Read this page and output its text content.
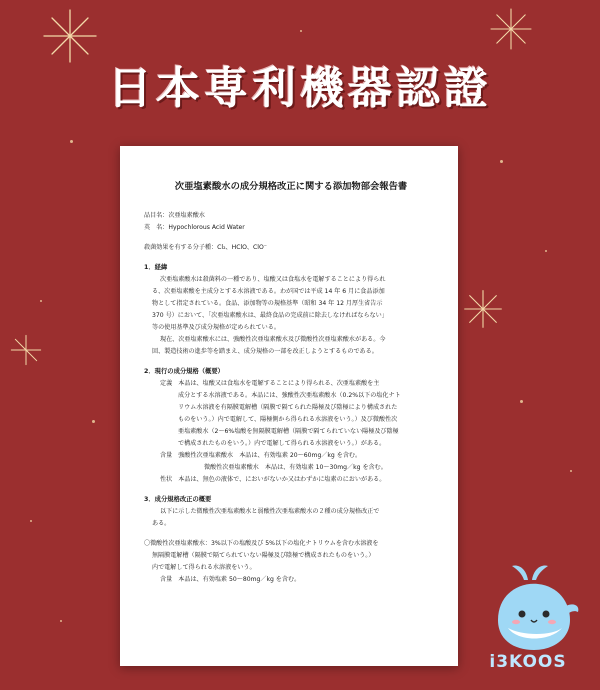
日本専利機器認證
次亜塩素酸水の成分規格改正に関する添加物部会報告書
品目名：次亜塩素酸水
英　名：Hypochlorous Acid Water
殺菌効果を有する分子種：Cl₂、HClO、ClO⁻
1．経緯
次亜塩素酸水は殺菌料の一種であり、塩酸又は食塩水を電解することにより得られ
る、次亜塩素酸を主成分とする水溶液である。わが国では平成 14 年 6 月に食品添加
物として指定されている。食品、添加物等の規格基準（昭和 34 年 12 月厚生省告示
370 号）において、「次亜塩素酸水は、最終食品の完成前に除去しなければならない」
等の使用基準及び成分規格が定められている。
現在、次亜塩素酸水には、強酸性次亜塩素酸水及び微酸性次亜塩素酸水がある。今
回、製造技術の進歩等を踏まえ、成分規格の一部を改正しようとするものである。
2．現行の成分規格（概要）
定義　本品は、塩酸又は食塩水を電解することにより得られる、次亜塩素酸を主
成分とする水溶液である。本品には、強酸性次亜塩素酸水（0.2%以下の塩化ナト
リウム水溶液を有隔膜電解槽（隔膜で隔てられた陽極及び陰極により構成された
ものをいう。）内で電解して、陽極側から得られる水溶液をいう。）及び微酸性次
亜塩素酸水（2〜6%塩酸を無隔膜電解槽（隔膜で隔てられていない陽極及び陰極
で構成されたものをいう。）内で電解して得られる水溶液をいう。）がある。
含量　強酸性次亜塩素酸水　本品は、有効塩素 20〜60mg／kg を含む。
微酸性次亜塩素酸水　本品は、有効塩素 10〜30mg／kg を含む。
性状　本品は、無色の液体で、においがないか又はわずかに塩素のにおいがある。
3．成分規格改正の概要
以下に示した微酸性次亜塩素酸水と弱酸性次亜塩素酸水の２種の成分規格改正で
ある。
〇微酸性次亜塩素酸水：3%以下の塩酸及び 5%以下の塩化ナトリウムを含む水溶液を
無隔膜電解槽（隔膜で隔てられていない陽極及び陰極で構成されたものをいう。）
内で電解して得られる水溶液をいう。
含量　本品は、有効塩素 50〜80mg／kg を含む。
i3KOOS
